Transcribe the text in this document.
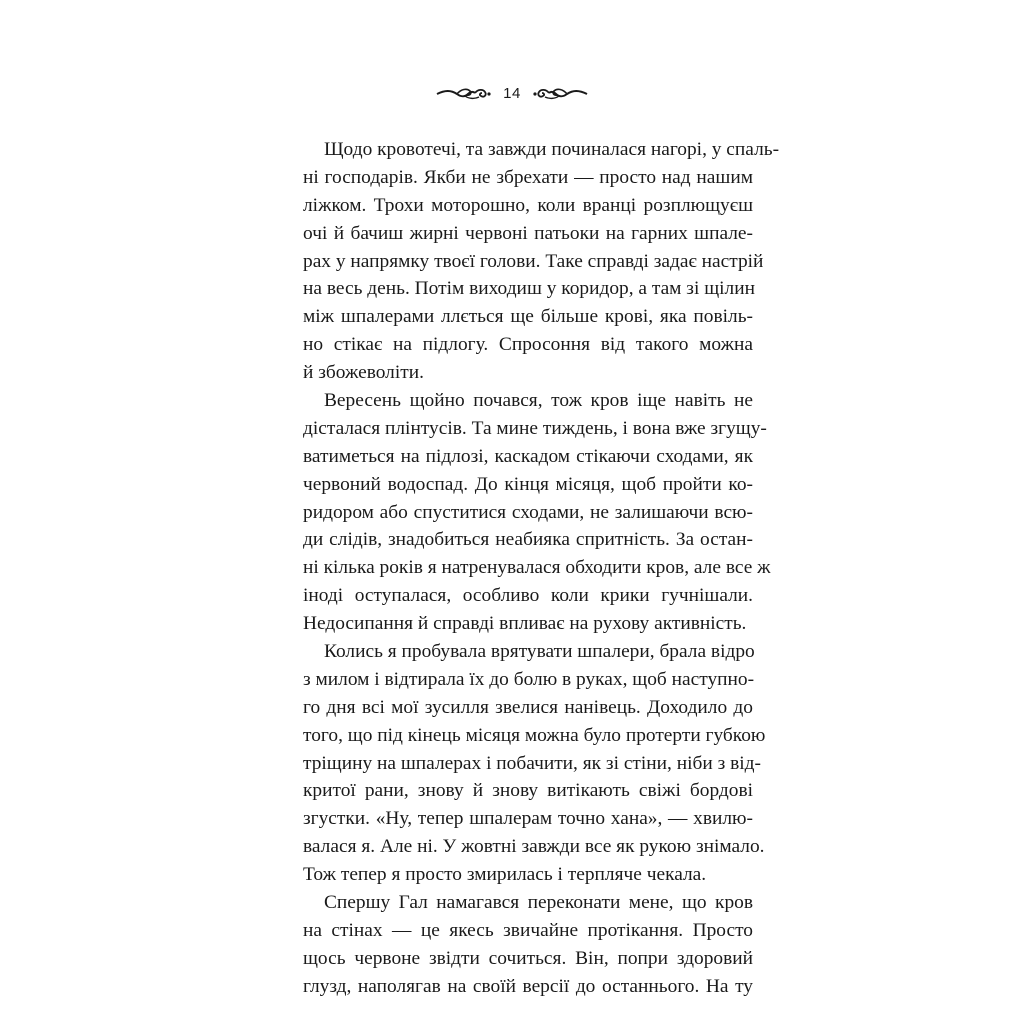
14
Щодо кровотечі, та завжди починалася нагорі, у спаль-
ні господарів. Якби не збрехати — просто над нашим
ліжком. Трохи моторошно, коли вранці розплющуєш
очі й бачиш жирні червоні патьоки на гарних шпале-
рах у напрямку твоєї голови. Таке справді задає настрій
на весь день. Потім виходиш у коридор, а там зі щілин
між шпалерами ллється ще більше крові, яка повіль-
но стікає на підлогу. Спросоння від такого можна
й збожеволіти.
Вересень щойно почався, тож кров іще навіть не
дісталася плінтусів. Та мине тиждень, і вона вже згущу-
ватиметься на підлозі, каскадом стікаючи сходами, як
червоний водоспад. До кінця місяця, щоб пройти ко-
ридором або спуститися сходами, не залишаючи всю-
ди слідів, знадобиться неабияка спритність. За остан-
ні кілька років я натренувалася обходити кров, але все ж
іноді оступалася, особливо коли крики гучнішали.
Недосипання й справді впливає на рухову активність.
Колись я пробувала врятувати шпалери, брала відро
з милом і відтирала їх до болю в руках, щоб наступно-
го дня всі мої зусилля звелися нанівець. Доходило до
того, що під кінець місяця можна було протерти губкою
тріщину на шпалерах і побачити, як зі стіни, ніби з від-
критої рани, знову й знову витікають свіжі бордові
згустки. «Ну, тепер шпалерам точно хана», — хвилю-
валася я. Але ні. У жовтні завжди все як рукою знімало.
Тож тепер я просто змирилась і терпляче чекала.
Спершу Гал намагався переконати мене, що кров
на стінах — це якесь звичайне протікання. Просто
щось червоне звідти сочиться. Він, попри здоровий
глузд, наполягав на своїй версії до останнього. На ту
